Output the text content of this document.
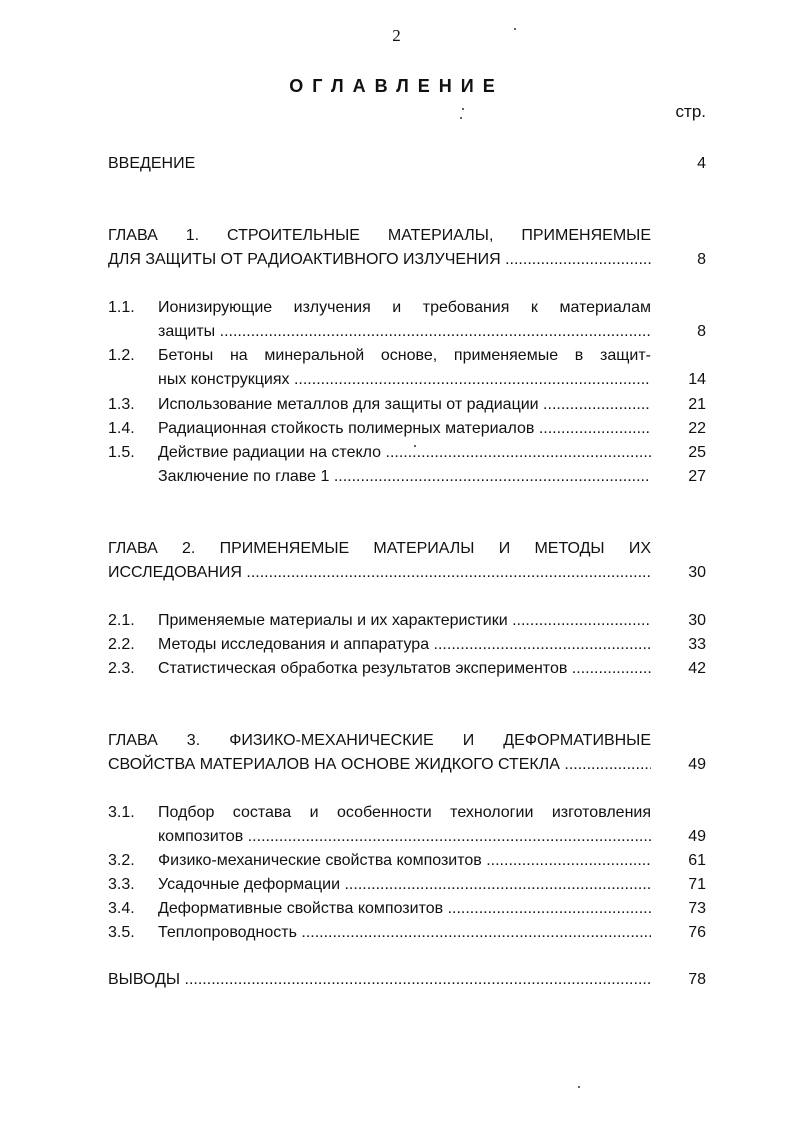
2
ОГЛАВЛЕНИЕ
стр.
ВВЕДЕНИЕ	4
ГЛАВА 1. СТРОИТЕЛЬНЫЕ МАТЕРИАЛЫ, ПРИМЕНЯЕМЫЕ
ДЛЯ ЗАЩИТЫ ОТ РАДИОАКТИВНОГО ИЗЛУЧЕНИЯ .....	8
1.1. Ионизирующие излучения и требования к материалам
защиты .....	8
1.2. Бетоны на минеральной основе, применяемые в защит-
ных конструкциях .....	14
1.3. Использование металлов для защиты от радиации .....	21
1.4. Радиационная стойкость полимерных материалов .....	22
1.5. Действие радиации на стекло .....	25
Заключение по главе 1 .....	27
ГЛАВА 2. ПРИМЕНЯЕМЫЕ МАТЕРИАЛЫ И МЕТОДЫ ИХ
ИССЛЕДОВАНИЯ .....	30
2.1. Применяемые материалы и их характеристики .....	30
2.2. Методы исследования и аппаратура .....	33
2.3. Статистическая обработка результатов экспериментов .....	42
ГЛАВА 3. ФИЗИКО-МЕХАНИЧЕСКИЕ И ДЕФОРМАТИВНЫЕ
СВОЙСТВА МАТЕРИАЛОВ НА ОСНОВЕ ЖИДКОГО СТЕКЛА .....	49
3.1. Подбор состава и особенности технологии изготовления
композитов .....	49
3.2. Физико-механические свойства композитов .....	61
3.3. Усадочные деформации .....	71
3.4. Деформативные свойства композитов .....	73
3.5. Теплопроводность .....	76
ВЫВОДЫ .....	78
